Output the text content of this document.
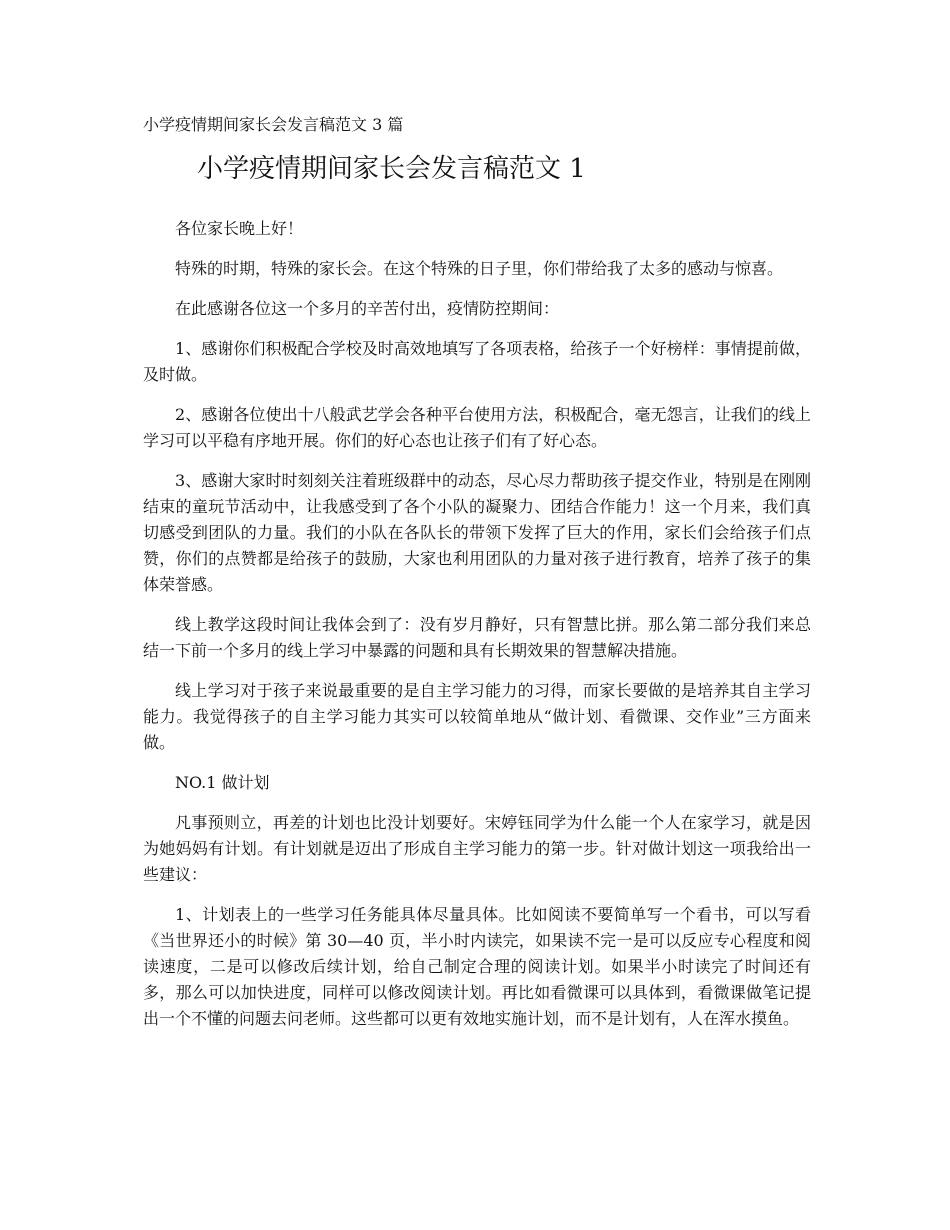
小学疫情期间家长会发言稿范文 3 篇
小学疫情期间家长会发言稿范文 1

各位家长晚上好！

特殊的时期，特殊的家长会。在这个特殊的日子里，你们带给我了太多的感动与惊喜。

在此感谢各位这一个多月的辛苦付出，疫情防控期间：

1、感谢你们积极配合学校及时高效地填写了各项表格，给孩子一个好榜样：事情提前做，及时做。

2、感谢各位使出十八般武艺学会各种平台使用方法，积极配合，毫无怨言，让我们的线上学习可以平稳有序地开展。你们的好心态也让孩子们有了好心态。

3、感谢大家时时刻刻关注着班级群中的动态，尽心尽力帮助孩子提交作业，特别是在刚刚结束的童玩节活动中，让我感受到了各个小队的凝聚力、团结合作能力！这一个月来，我们真切感受到团队的力量。我们的小队在各队长的带领下发挥了巨大的作用，家长们会给孩子们点赞，你们的点赞都是给孩子的鼓励，大家也利用团队的力量对孩子进行教育，培养了孩子的集体荣誉感。

线上教学这段时间让我体会到了：没有岁月静好，只有智慧比拼。那么第二部分我们来总结一下前一个多月的线上学习中暴露的问题和具有长期效果的智慧解决措施。

线上学习对于孩子来说最重要的是自主学习能力的习得，而家长要做的是培养其自主学习能力。我觉得孩子的自主学习能力其实可以较简单地从“做计划、看微课、交作业”三方面来做。

NO.1 做计划

凡事预则立，再差的计划也比没计划要好。宋婷钰同学为什么能一个人在家学习，就是因为她妈妈有计划。有计划就是迈出了形成自主学习能力的第一步。针对做计划这一项我给出一些建议：

1、计划表上的一些学习任务能具体尽量具体。比如阅读不要简单写一个看书，可以写看《当世界还小的时候》第 30—40 页，半小时内读完，如果读不完一是可以反应专心程度和阅读速度，二是可以修改后续计划，给自己制定合理的阅读计划。如果半小时读完了时间还有多，那么可以加快进度，同样可以修改阅读计划。再比如看微课可以具体到，看微课做笔记提出一个不懂的问题去问老师。这些都可以更有效地实施计划，而不是计划有，人在浑水摸鱼。
